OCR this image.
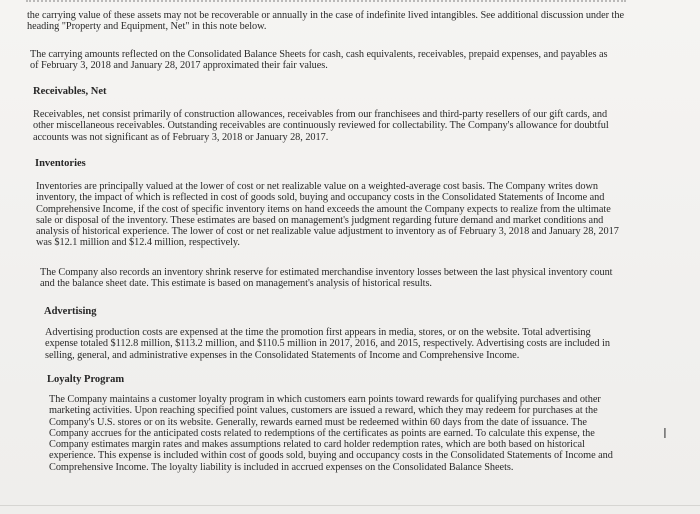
the carrying value of these assets may not be recoverable or annually in the case of indefinite lived intangibles. See additional discussion under the heading "Property and Equipment, Net" in this note below.

The carrying amounts reflected on the Consolidated Balance Sheets for cash, cash equivalents, receivables, prepaid expenses, and payables as of February 3, 2018 and January 28, 2017 approximated their fair values.

Receivables, Net

Receivables, net consist primarily of construction allowances, receivables from our franchisees and third-party resellers of our gift cards, and other miscellaneous receivables. Outstanding receivables are continuously reviewed for collectability. The Company's allowance for doubtful accounts was not significant as of February 3, 2018 or January 28, 2017.

Inventories

Inventories are principally valued at the lower of cost or net realizable value on a weighted-average cost basis. The Company writes down inventory, the impact of which is reflected in cost of goods sold, buying and occupancy costs in the Consolidated Statements of Income and Comprehensive Income, if the cost of specific inventory items on hand exceeds the amount the Company expects to realize from the ultimate sale or disposal of the inventory. These estimates are based on management's judgment regarding future demand and market conditions and analysis of historical experience. The lower of cost or net realizable value adjustment to inventory as of February 3, 2018 and January 28, 2017 was $12.1 million and $12.4 million, respectively.

The Company also records an inventory shrink reserve for estimated merchandise inventory losses between the last physical inventory count and the balance sheet date. This estimate is based on management's analysis of historical results.

Advertising

Advertising production costs are expensed at the time the promotion first appears in media, stores, or on the website. Total advertising expense totaled $112.8 million, $113.2 million, and $110.5 million in 2017, 2016, and 2015, respectively. Advertising costs are included in selling, general, and administrative expenses in the Consolidated Statements of Income and Comprehensive Income.

Loyalty Program

The Company maintains a customer loyalty program in which customers earn points toward rewards for qualifying purchases and other marketing activities. Upon reaching specified point values, customers are issued a reward, which they may redeem for purchases at the Company's U.S. stores or on its website. Generally, rewards earned must be redeemed within 60 days from the date of issuance. The Company accrues for the anticipated costs related to redemptions of the certificates as points are earned. To calculate this expense, the Company estimates margin rates and makes assumptions related to card holder redemption rates, which are both based on historical experience. This expense is included within cost of goods sold, buying and occupancy costs in the Consolidated Statements of Income and Comprehensive Income. The loyalty liability is included in accrued expenses on the Consolidated Balance Sheets.

I
